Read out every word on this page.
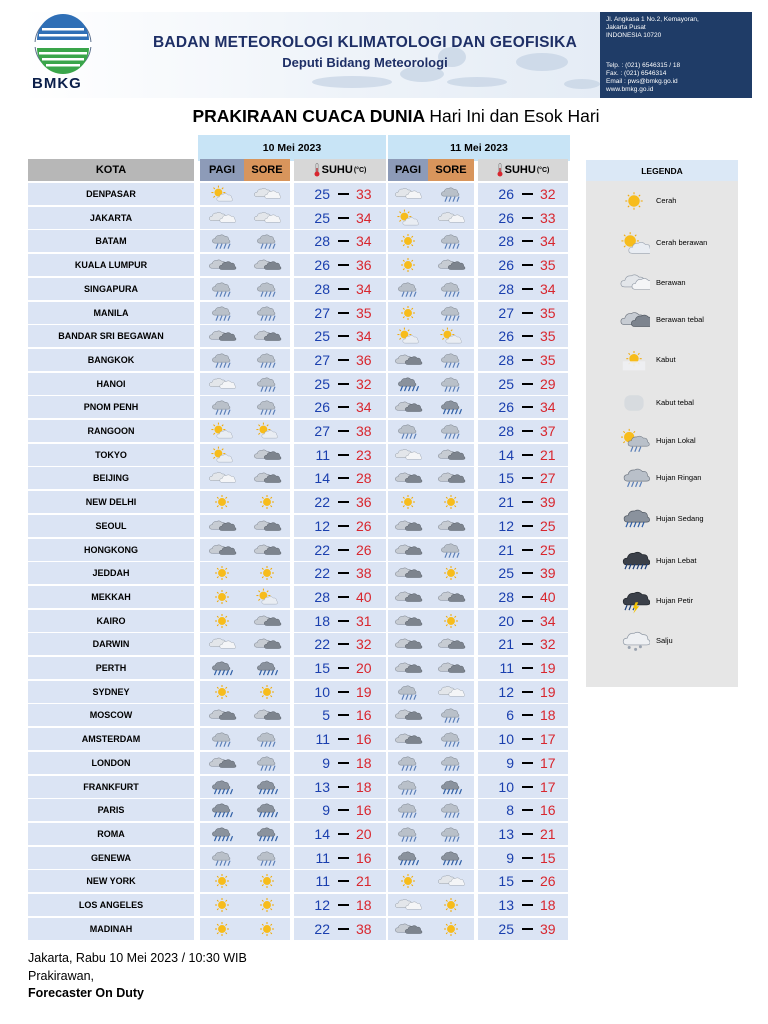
BMKG
BADAN METEOROLOGI KLIMATOLOGI DAN GEOFISIKA
Deputi Bidang Meteorologi
Jl. Angkasa 1 No.2, Kemayoran,
Jakarta Pusat
INDONESIA 10720
Telp. : (021) 6546315 / 18
Fax. : (021) 6546314
Email : pws@bmkg.go.id
www.bmkg.go.id
PRAKIRAAN CUACA DUNIA Hari Ini dan Esok Hari
10 Mei 2023	11 Mei 2023
KOTA	PAGI	SORE	SUHU (°C)	PAGI	SORE	SUHU (°C)
DENPASAR	25 33	26 32
JAKARTA	25 34	26 33
BATAM	28 34	28 34
KUALA LUMPUR	26 36	26 35
SINGAPURA	28 34	28 34
MANILA	27 35	27 35
BANDAR SRI BEGAWAN	25 34	26 35
BANGKOK	27 36	28 35
HANOI	25 32	25 29
PNOM PENH	26 34	26 34
RANGOON	27 38	28 37
TOKYO	11 23	14 21
BEIJING	14 28	15 27
NEW DELHI	22 36	21 39
SEOUL	12 26	12 25
HONGKONG	22 26	21 25
JEDDAH	22 38	25 39
MEKKAH	28 40	28 40
KAIRO	18 31	20 34
DARWIN	22 32	21 32
PERTH	15 20	11 19
SYDNEY	10 19	12 19
MOSCOW	5 16	6 18
AMSTERDAM	11 16	10 17
LONDON	9 18	9 17
FRANKFURT	13 18	10 17
PARIS	9 16	8 16
ROMA	14 20	13 21
GENEWA	11 16	9 15
NEW YORK	11 21	15 26
LOS ANGELES	12 18	13 18
MADINAH	22 38	25 39
LEGENDA
Cerah
Cerah berawan
Berawan
Berawan tebal
Kabut
Kabut tebal
Hujan Lokal
Hujan Ringan
Hujan Sedang
Hujan Lebat
Hujan Petir
Salju
Jakarta, Rabu 10 Mei 2023 / 10:30 WIB
Prakirawan,
Forecaster On Duty
